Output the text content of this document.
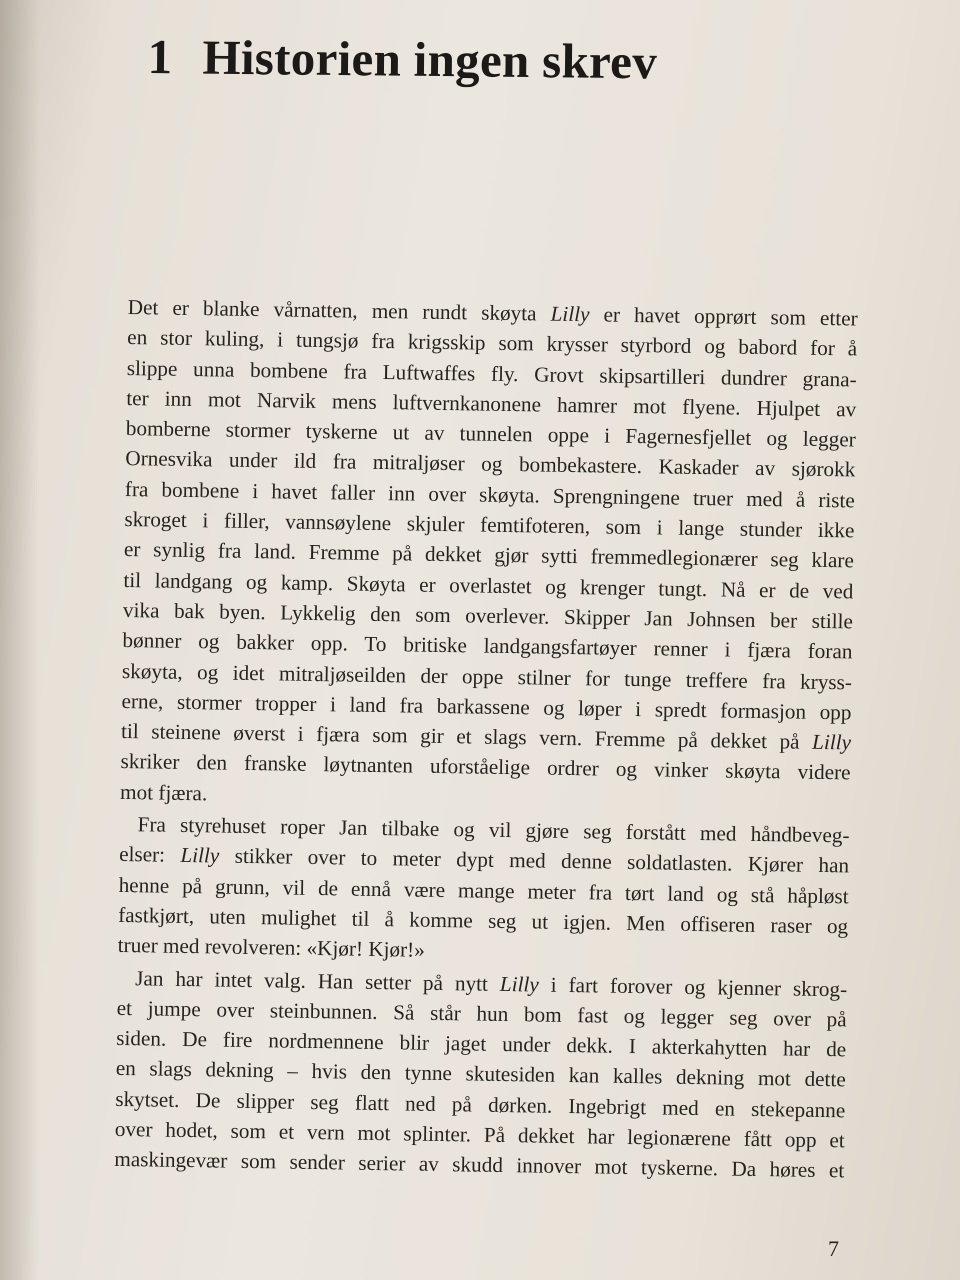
1 Historien ingen skrev
Det er blanke vårnatten, men rundt skøyta Lilly er havet opprørt som etter
en stor kuling, i tungsjø fra krigsskip som krysser styrbord og babord for å
slippe unna bombene fra Luftwaffes fly. Grovt skipsartilleri dundrer grana-
ter inn mot Narvik mens luftvernkanonene hamrer mot flyene. Hjulpet av
bomberne stormer tyskerne ut av tunnelen oppe i Fagernesfjellet og legger
Ornesvika under ild fra mitraljøser og bombekastere. Kaskader av sjørokk
fra bombene i havet faller inn over skøyta. Sprengningene truer med å riste
skroget i filler, vannsøylene skjuler femtifoteren, som i lange stunder ikke
er synlig fra land. Fremme på dekket gjør sytti fremmedlegionærer seg klare
til landgang og kamp. Skøyta er overlastet og krenger tungt. Nå er de ved
vika bak byen. Lykkelig den som overlever. Skipper Jan Johnsen ber stille
bønner og bakker opp. To britiske landgangsfartøyer renner i fjæra foran
skøyta, og idet mitraljøseilden der oppe stilner for tunge treffere fra kryss-
erne, stormer tropper i land fra barkassene og løper i spredt formasjon opp
til steinene øverst i fjæra som gir et slags vern. Fremme på dekket på Lilly
skriker den franske løytnanten uforståelige ordrer og vinker skøyta videre
mot fjæra.
Fra styrehuset roper Jan tilbake og vil gjøre seg forstått med håndbeveg-
elser: Lilly stikker over to meter dypt med denne soldatlasten. Kjører han
henne på grunn, vil de ennå være mange meter fra tørt land og stå håpløst
fastkjørt, uten mulighet til å komme seg ut igjen. Men offiseren raser og
truer med revolveren: «Kjør! Kjør!»
Jan har intet valg. Han setter på nytt Lilly i fart forover og kjenner skrog-
et jumpe over steinbunnen. Så står hun bom fast og legger seg over på
siden. De fire nordmennene blir jaget under dekk. I akterkahytten har de
en slags dekning – hvis den tynne skutesiden kan kalles dekning mot dette
skytset. De slipper seg flatt ned på dørken. Ingebrigt med en stekepanne
over hodet, som et vern mot splinter. På dekket har legionærene fått opp et
maskingevær som sender serier av skudd innover mot tyskerne. Da høres et
7
